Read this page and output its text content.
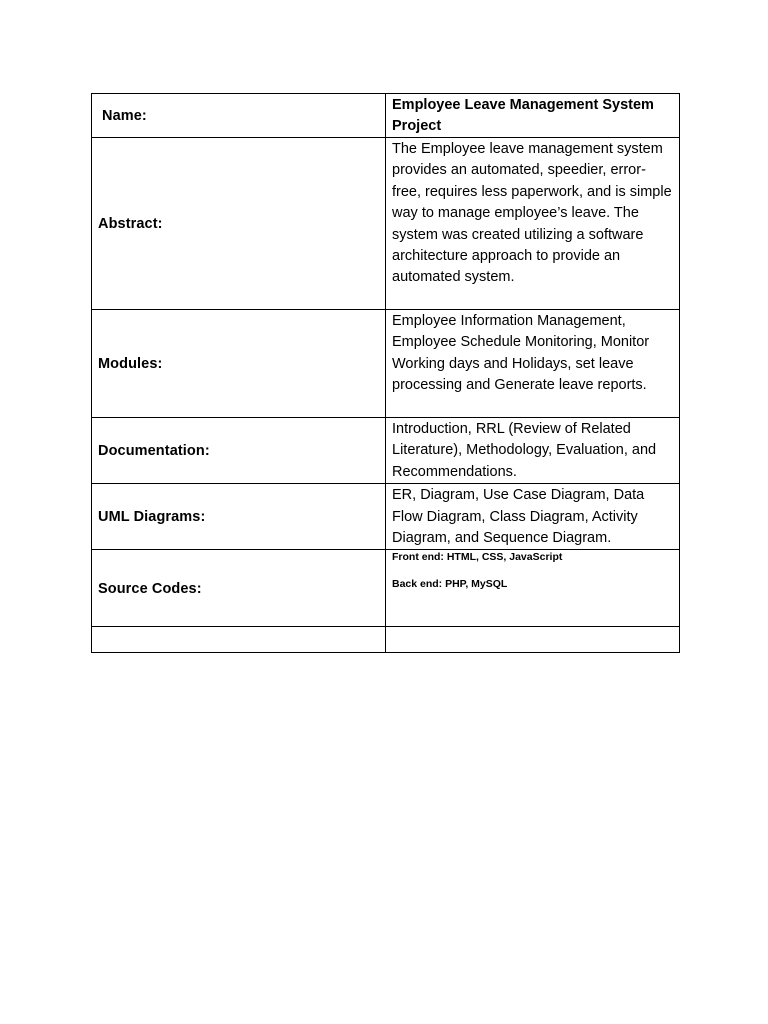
Name:	Employee Leave Management System Project
Abstract:	The Employee leave management system provides an automated, speedier, error-free, requires less paperwork, and is simple way to manage employee’s leave. The system was created utilizing a software architecture approach to provide an automated system.
Modules:	Employee Information Management, Employee Schedule Monitoring, Monitor Working days and Holidays, set leave processing and Generate leave reports.
Documentation:	Introduction, RRL (Review of Related Literature), Methodology, Evaluation, and Recommendations.
UML Diagrams:	ER, Diagram, Use Case Diagram, Data Flow Diagram, Class Diagram, Activity Diagram, and Sequence Diagram.
Source Codes:	Front end: HTML, CSS, JavaScript
Back end: PHP, MySQL
